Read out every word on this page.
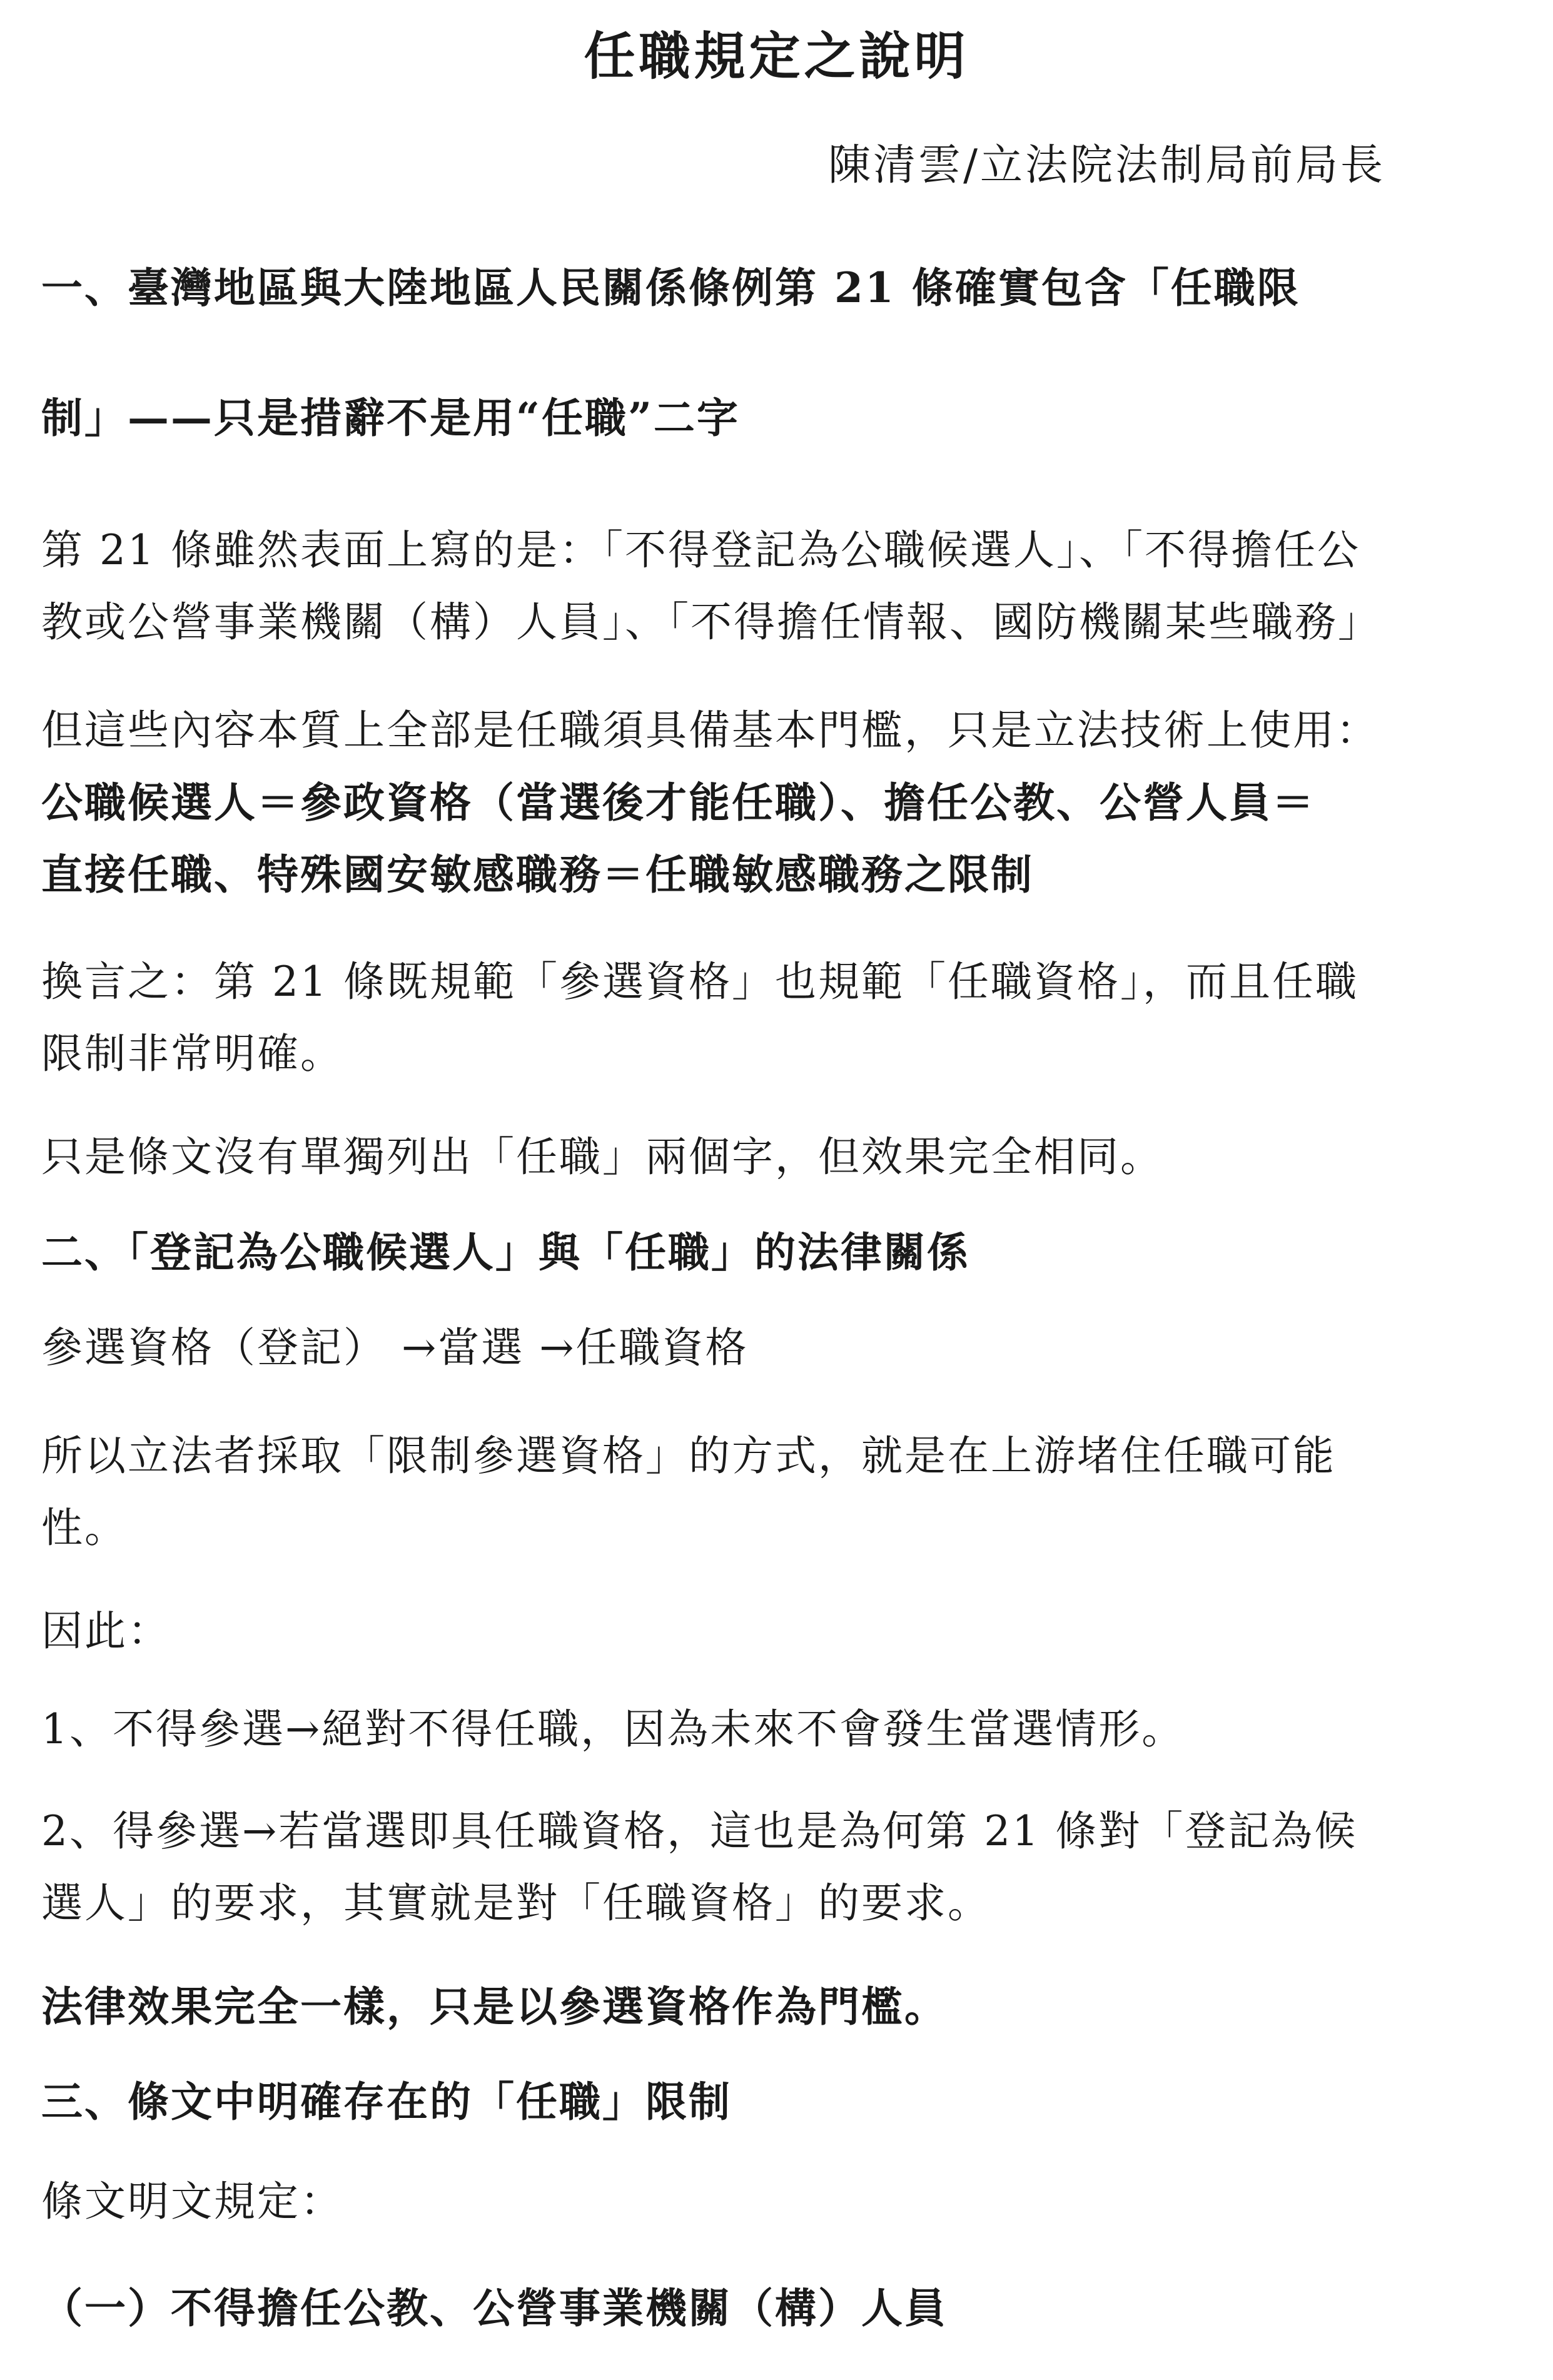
任職規定之說明
陳清雲/立法院法制局前局長
一、臺灣地區與大陸地區人民關係條例第 21 條確實包含「任職限
制」——只是措辭不是用“任職”二字
第 21 條雖然表面上寫的是：「不得登記為公職候選人」、「不得擔任公
教或公營事業機關（構）人員」、「不得擔任情報、國防機關某些職務」
但這些內容本質上全部是任職須具備基本門檻，只是立法技術上使用：
公職候選人＝參政資格（當選後才能任職）、擔任公教、公營人員＝
直接任職、特殊國安敏感職務＝任職敏感職務之限制
換言之：第 21 條既規範「參選資格」也規範「任職資格」，而且任職
限制非常明確。
只是條文沒有單獨列出「任職」兩個字，但效果完全相同。
二、「登記為公職候選人」與「任職」的法律關係
參選資格（登記） →當選 →任職資格
所以立法者採取「限制參選資格」的方式，就是在上游堵住任職可能
性。
因此：
1、不得參選→絕對不得任職，因為未來不會發生當選情形。
2、得參選→若當選即具任職資格，這也是為何第 21 條對「登記為候
選人」的要求，其實就是對「任職資格」的要求。
法律效果完全一樣，只是以參選資格作為門檻。
三、條文中明確存在的「任職」限制
條文明文規定：
（一）不得擔任公教、公營事業機關（構）人員
